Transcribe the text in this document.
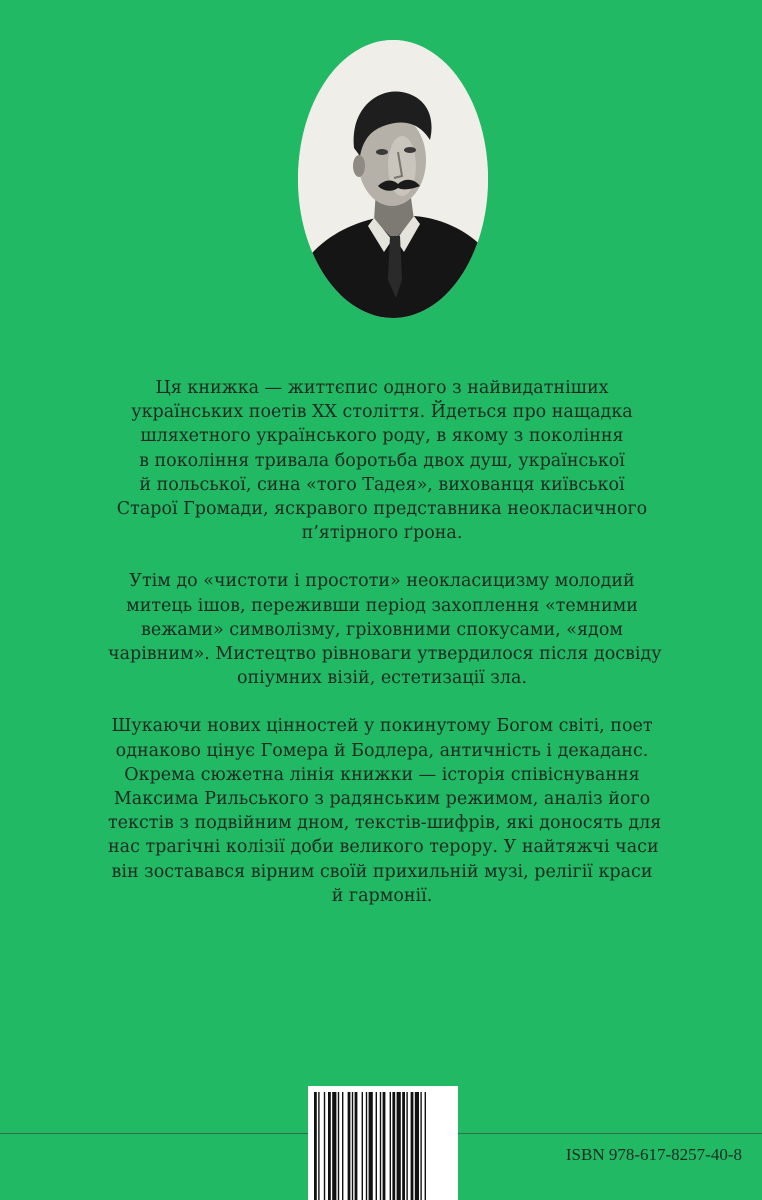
Ця книжка — життєпис одного з найвидатніших
українських поетів ХХ століття. Йдеться про нащадка
шляхетного українського роду, в якому з покоління
в покоління тривала боротьба двох душ, української
й польської, сина «того Тадея», вихованця київської
Старої Громади, яскравого представника неокласичного
п’ятірного ґрона.

Утім до «чистоти і простоти» неокласицизму молодий
митець ішов, переживши період захоплення «темними
вежами» символізму, гріховними спокусами, «ядом
чарівним». Мистецтво рівноваги утвердилося після досвіду
опіумних візій, естетизації зла.

Шукаючи нових цінностей у покинутому Богом світі, поет
однаково цінує Гомера й Бодлера, античність і декаданс.
Окрема сюжетна лінія книжки — історія співіснування
Максима Рильського з радянським режимом, аналіз його
текстів з подвійним дном, текстів-шифрів, які доносять для
нас трагічні колізії доби великого терору. У найтяжчі часи
він зоставався вірним своїй прихильній музі, релігії краси
й гармонії.

ISBN 978-617-8257-40-8
